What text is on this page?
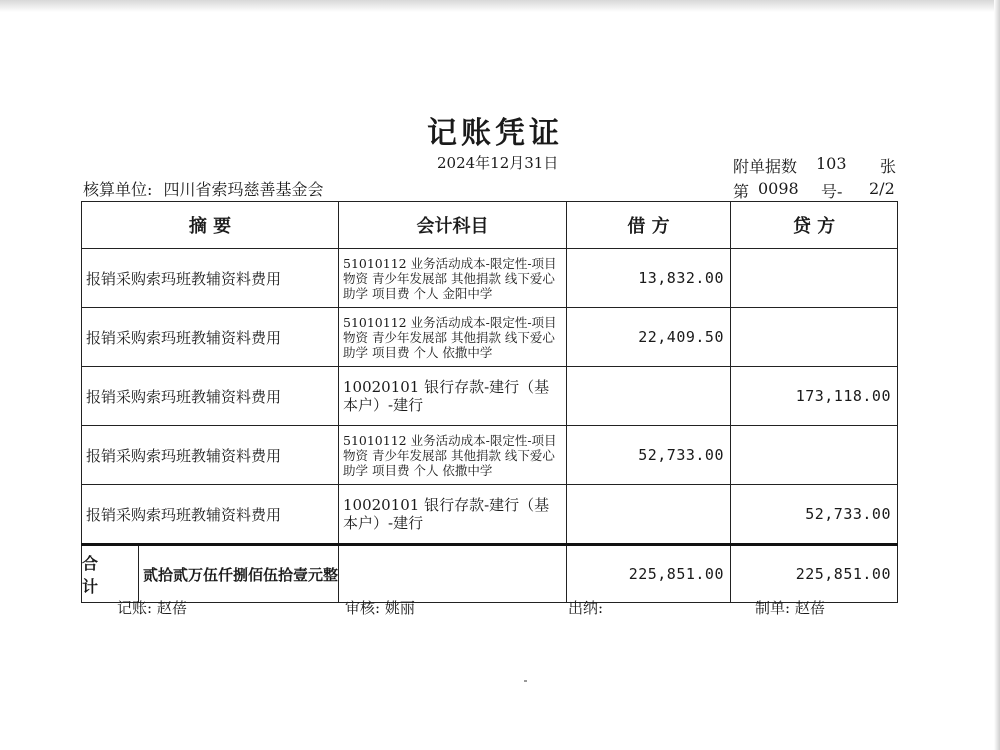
记账凭证
2024年12月31日	附单据数 103 张
核算单位: 四川省索玛慈善基金会	第 0098 号- 2/2
摘 要	会计科目	借 方	贷 方
报销采购索玛班教辅资料费用	51010112 业务活动成本-限定性-项目物资 青少年发展部 其他捐款 线下爱心助学 项目费 个人 金阳中学	13,832.00	
报销采购索玛班教辅资料费用	51010112 业务活动成本-限定性-项目物资 青少年发展部 其他捐款 线下爱心助学 项目费 个人 依撒中学	22,409.50	
报销采购索玛班教辅资料费用	10020101 银行存款-建行（基本户）-建行		173,118.00
报销采购索玛班教辅资料费用	51010112 业务活动成本-限定性-项目物资 青少年发展部 其他捐款 线下爱心助学 项目费 个人 依撒中学	52,733.00	
报销采购索玛班教辅资料费用	10020101 银行存款-建行（基本户）-建行		52,733.00

合 计
贰拾贰万伍仟捌佰伍拾壹元整		225,851.00	225,851.00
记账: 赵蓓	审核: 姚丽	出纳:	制单: 赵蓓
